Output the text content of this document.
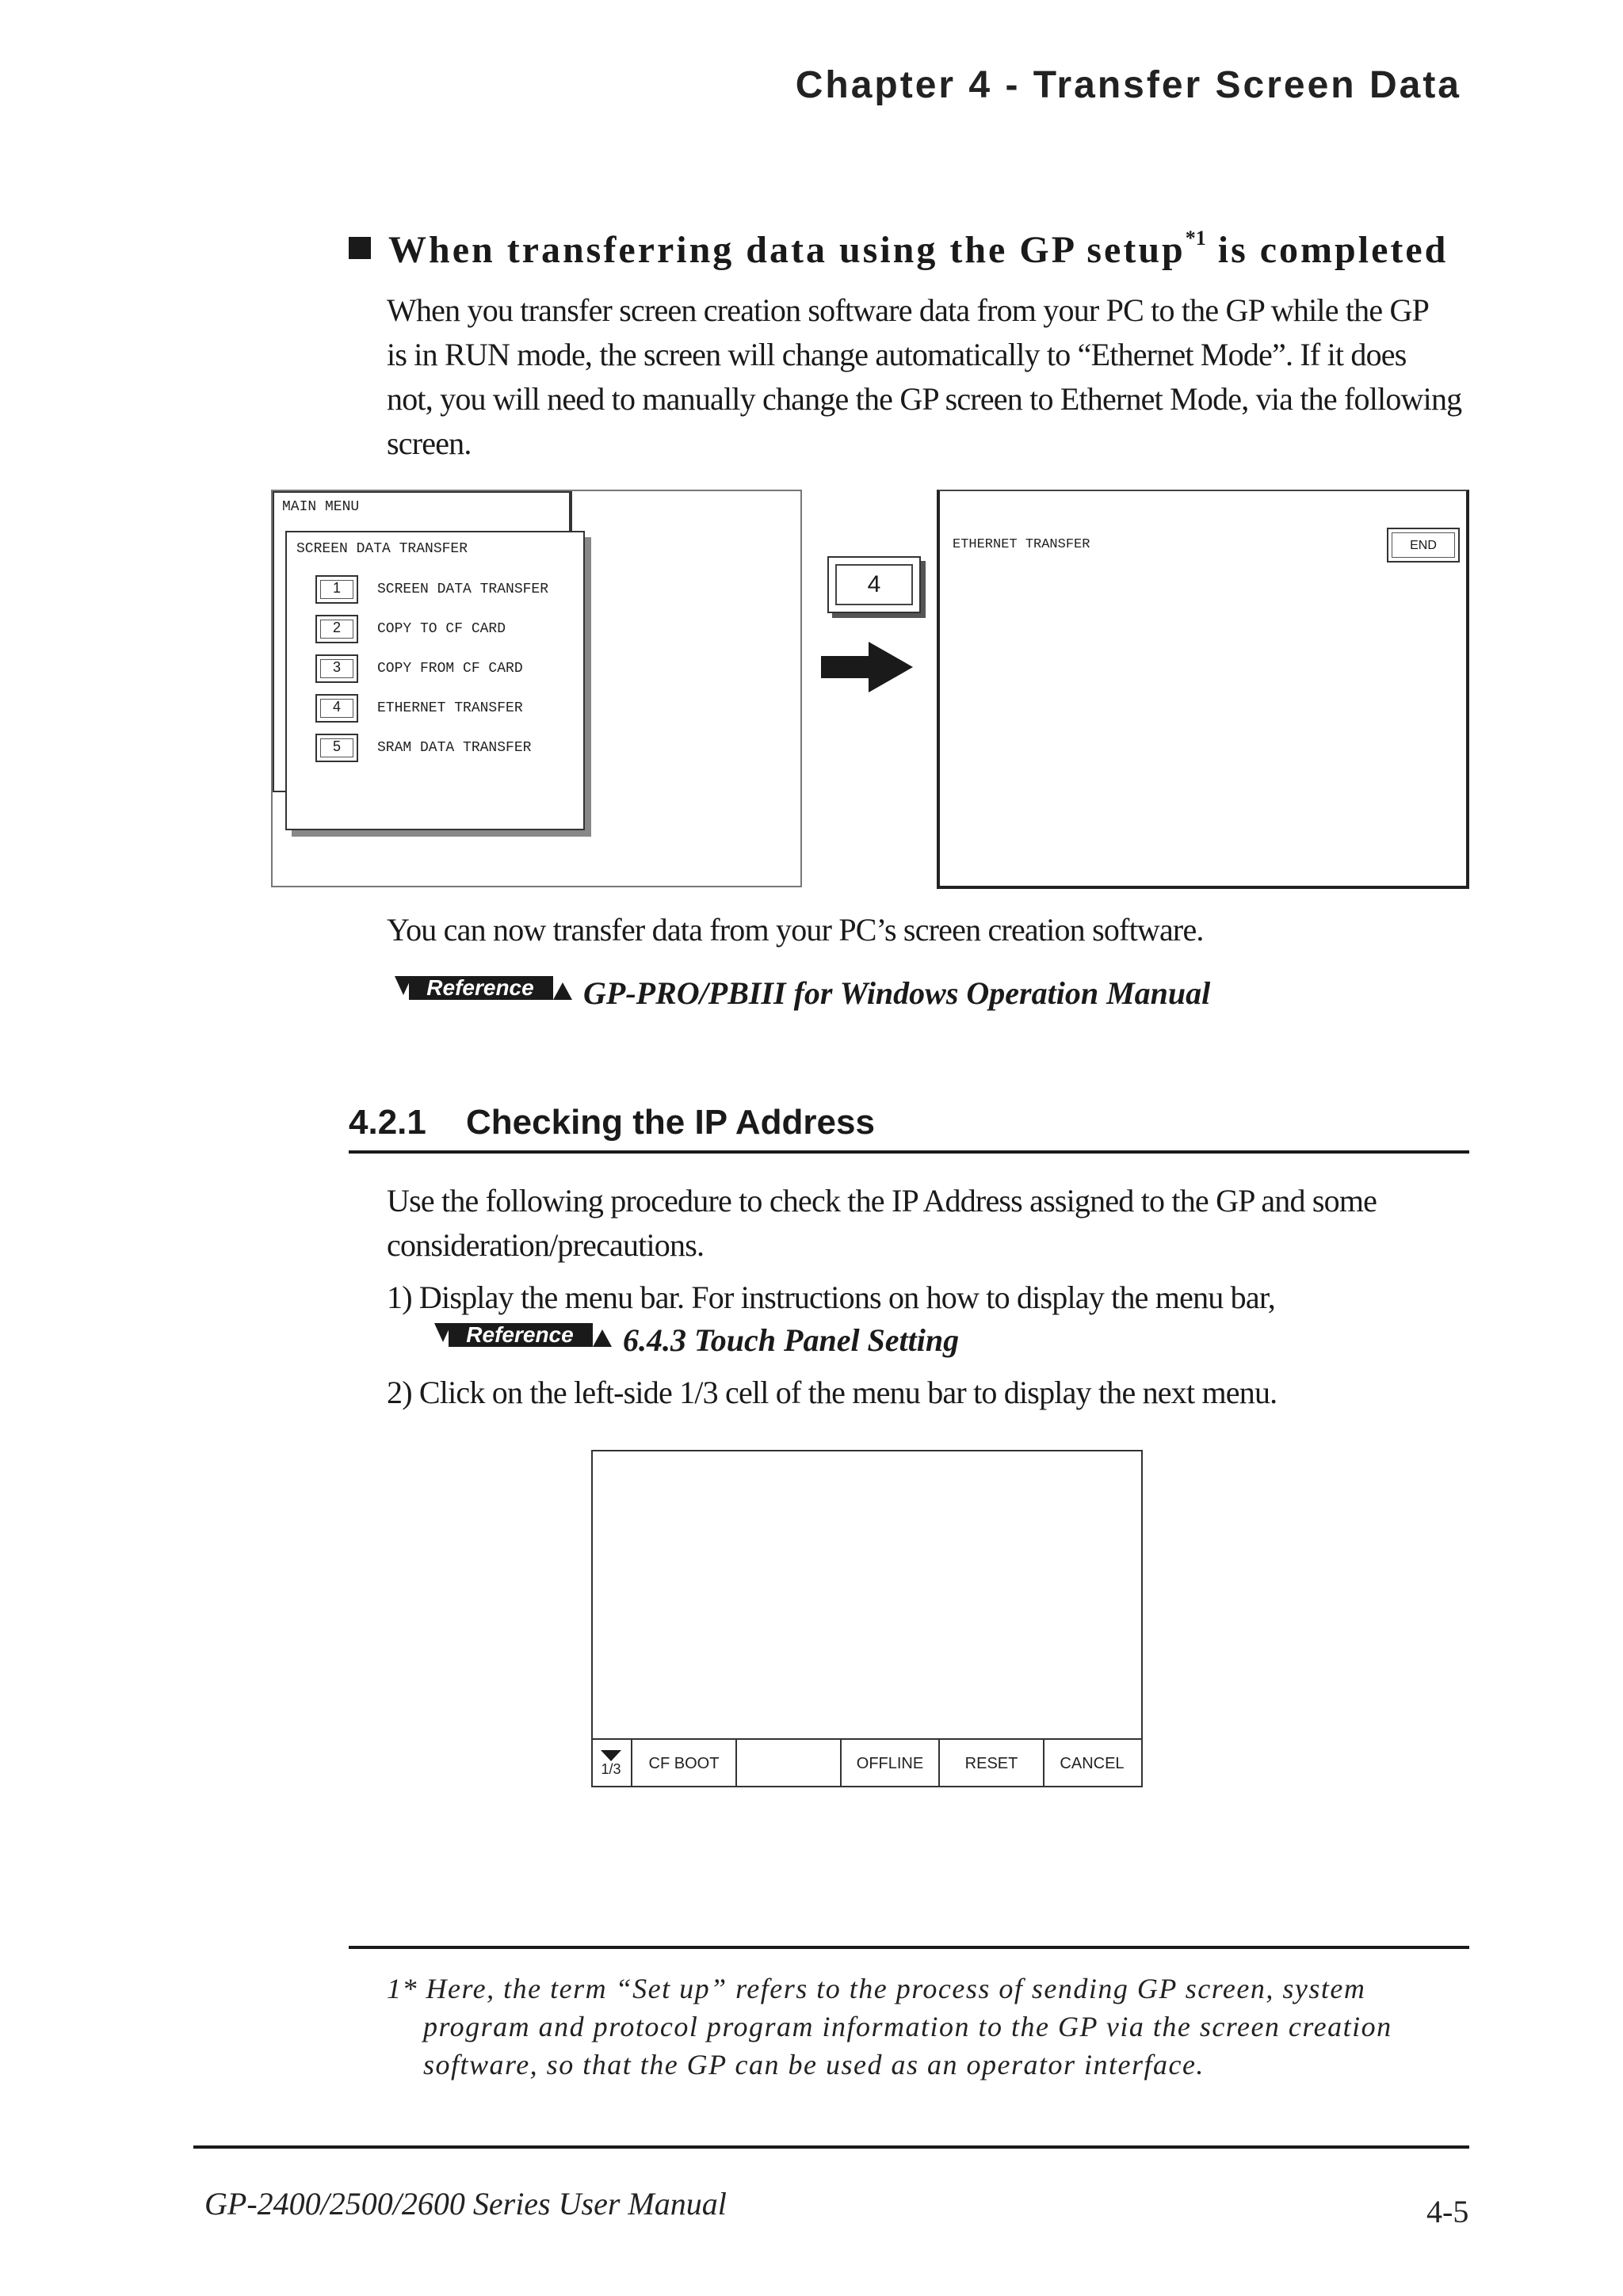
Chapter 4 - Transfer Screen Data
When transferring data using the GP setup$^{*1}$ is completed
When you transfer screen creation software data from your PC to the GP while the GP
is in RUN mode, the screen will change automatically to “Ethernet Mode”. If it does
not, you will need to manually change the GP screen to Ethernet Mode, via the following
screen.
MAIN MENU
SCREEN DATA TRANSFER
1	SCREEN DATA TRANSFER
2	COPY TO CF CARD
3	COPY FROM CF CARD
4	ETHERNET TRANSFER
5	SRAM DATA TRANSFER
4
ETHERNET TRANSFER	END
You can now transfer data from your PC’s screen creation software.
Reference GP-PRO/PBIII for Windows Operation Manual
4.2.1 Checking the IP Address
Use the following procedure to check the IP Address assigned to the GP and some
consideration/precautions.
1) Display the menu bar. For instructions on how to display the menu bar,
2) Click on the left-side 1/3 cell of the menu bar to display the next menu.
Reference 6.4.3 Touch Panel Setting
1/3	CF BOOT	OFFLINE	RESET	CANCEL
1* Here, the term “Set up” refers to the process of sending GP screen, system
program and protocol program information to the GP via the screen creation
software, so that the GP can be used as an operator interface.
GP-2400/2500/2600 Series User Manual	4-5
